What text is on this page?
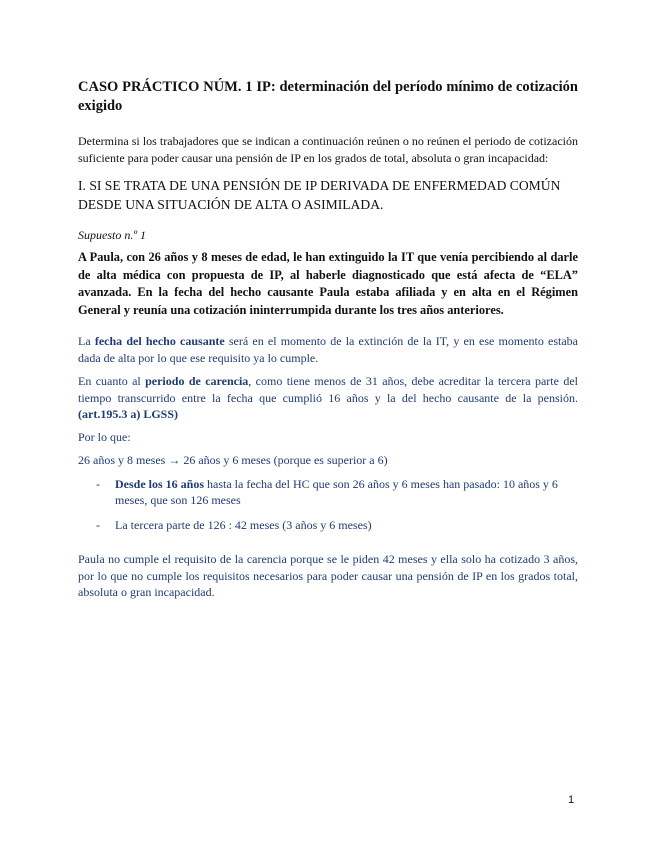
CASO PRÁCTICO NÚM. 1 IP: determinación del período mínimo de cotización exigido

Determina si los trabajadores que se indican a continuación reúnen o no reúnen el periodo de cotización suficiente para poder causar una pensión de IP en los grados de total, absoluta o gran incapacidad:

I. SI SE TRATA DE UNA PENSIÓN DE IP DERIVADA DE ENFERMEDAD COMÚN DESDE UNA SITUACIÓN DE ALTA O ASIMILADA.

Supuesto n.º 1

A Paula, con 26 años y 8 meses de edad, le han extinguido la IT que venía percibiendo al darle de alta médica con propuesta de IP, al haberle diagnosticado que está afecta de “ELA” avanzada. En la fecha del hecho causante Paula estaba afiliada y en alta en el Régimen General y reunía una cotización ininterrumpida durante los tres años anteriores.

La fecha del hecho causante será en el momento de la extinción de la IT, y en ese momento estaba dada de alta por lo que ese requisito ya lo cumple.

En cuanto al periodo de carencia, como tiene menos de 31 años, debe acreditar la tercera parte del tiempo transcurrido entre la fecha que cumplió 16 años y la del hecho causante de la pensión. (art.195.3 a) LGSS)

Por lo que:

26 años y 8 meses → 26 años y 6 meses (porque es superior a 6)

- Desde los 16 años hasta la fecha del HC que son 26 años y 6 meses han pasado: 10 años y 6 meses, que son 126 meses
- La tercera parte de 126 : 42 meses (3 años y 6 meses)

Paula no cumple el requisito de la carencia porque se le piden 42 meses y ella solo ha cotizado 3 años, por lo que no cumple los requisitos necesarios para poder causar una pensión de IP en los grados total, absoluta o gran incapacidad.

1
